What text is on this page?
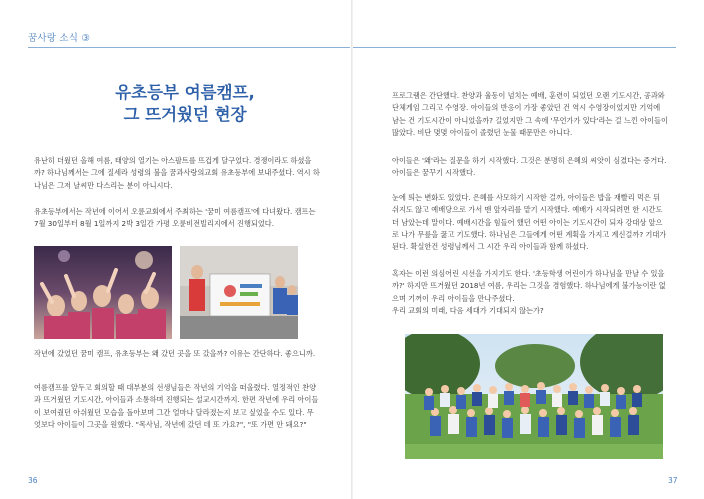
꿈사랑 소식 ③
유초등부 여름캠프,
그 뜨거웠던 현장

유난히 더웠던 올해 여름, 태양의 열기는 아스팔트를 뜨겁게 달구었다. 경쟁이라도 하셨을까? 하나님께서는 그에 질세라 성령의 불을 꿈과사랑의교회 유초등부에 보내주셨다. 역시 하나님은 그저 날씨만 다스리는 분이 아니시다.

유초등부에서는 작년에 이어서 오륜교회에서 주최하는 '꿈미 여름캠프'에 다녀왔다. 캠프는 7월 30일부터 8월 1일까지 2박 3일간 가평 오륜비전빌리지에서 진행되었다.

작년에 갔었던 꿈미 캠프, 유초등부는 왜 갔던 곳을 또 갔을까? 이유는 간단하다. 좋으니까.

여름캠프를 앞두고 회의할 때 대부분의 선생님들은 작년의 기억을 떠올렸다. 열정적인 찬양과 뜨거웠던 기도시간, 아이들과 소통하며 진행되는 설교시간까지. 한편 작년에 우리 아이들이 보여줬던 아쉬웠던 모습을 돌아보며 그간 얼마나 달라졌는지 보고 싶었을 수도 있다. 무엇보다 아이들이 그곳을 원했다. "목사님, 작년에 갔던 데 또 가요?", "또 가면 안 돼요?"

36

프로그램은 간단했다. 찬양과 율동이 넘치는 예배, 훈련이 되었던 오랜 기도시간, 공과와 단체게임 그리고 수영장. 아이들의 반응이 가장 좋았던 건 역시 수영장이었지만 기억에 남는 건 기도시간이 아니었을까? 길었지만 그 속에 '무언가가 있다'라는 걸 느낀 아이들이 많았다. 비단 몇몇 아이들이 졸렸던 눈물 때문만은 아니다.

아이들은 '왜'라는 질문을 하기 시작했다. 그것은 분명히 은혜의 씨앗이 심겼다는 증거다. 아이들은 꿈꾸기 시작했다.

눈에 띄는 변화도 있었다. 은혜를 사모하기 시작한 걸까, 아이들은 밥을 재빨리 먹은 뒤 쉬지도 않고 예배당으로 가서 맨 앞자리를 맡기 시작했다. 예배가 시작되려면 한 시간도 더 남았는데 말이다. 예배시간을 힘들어 했던 어떤 아이는 기도시간이 되자 강대상 앞으로 나가 무릎을 꿇고 기도했다. 하나님은 그들에게 어떤 계획을 가지고 계신걸까? 기대가 된다. 확실한건 성령님께서 그 시간 우리 아이들과 함께 하셨다.

혹자는 이런 의심어린 시선을 가지기도 한다. '초등학생 어린이가 하나님을 만날 수 있을까?' 하지만 뜨거웠던 2018년 여름, 우리는 그것을 경험했다. 하나님에게 불가능이란 없으며 기꺼이 우리 아이들을 만나주셨다.

우리 교회의 미래, 다음 세대가 기대되지 않는가?

37
